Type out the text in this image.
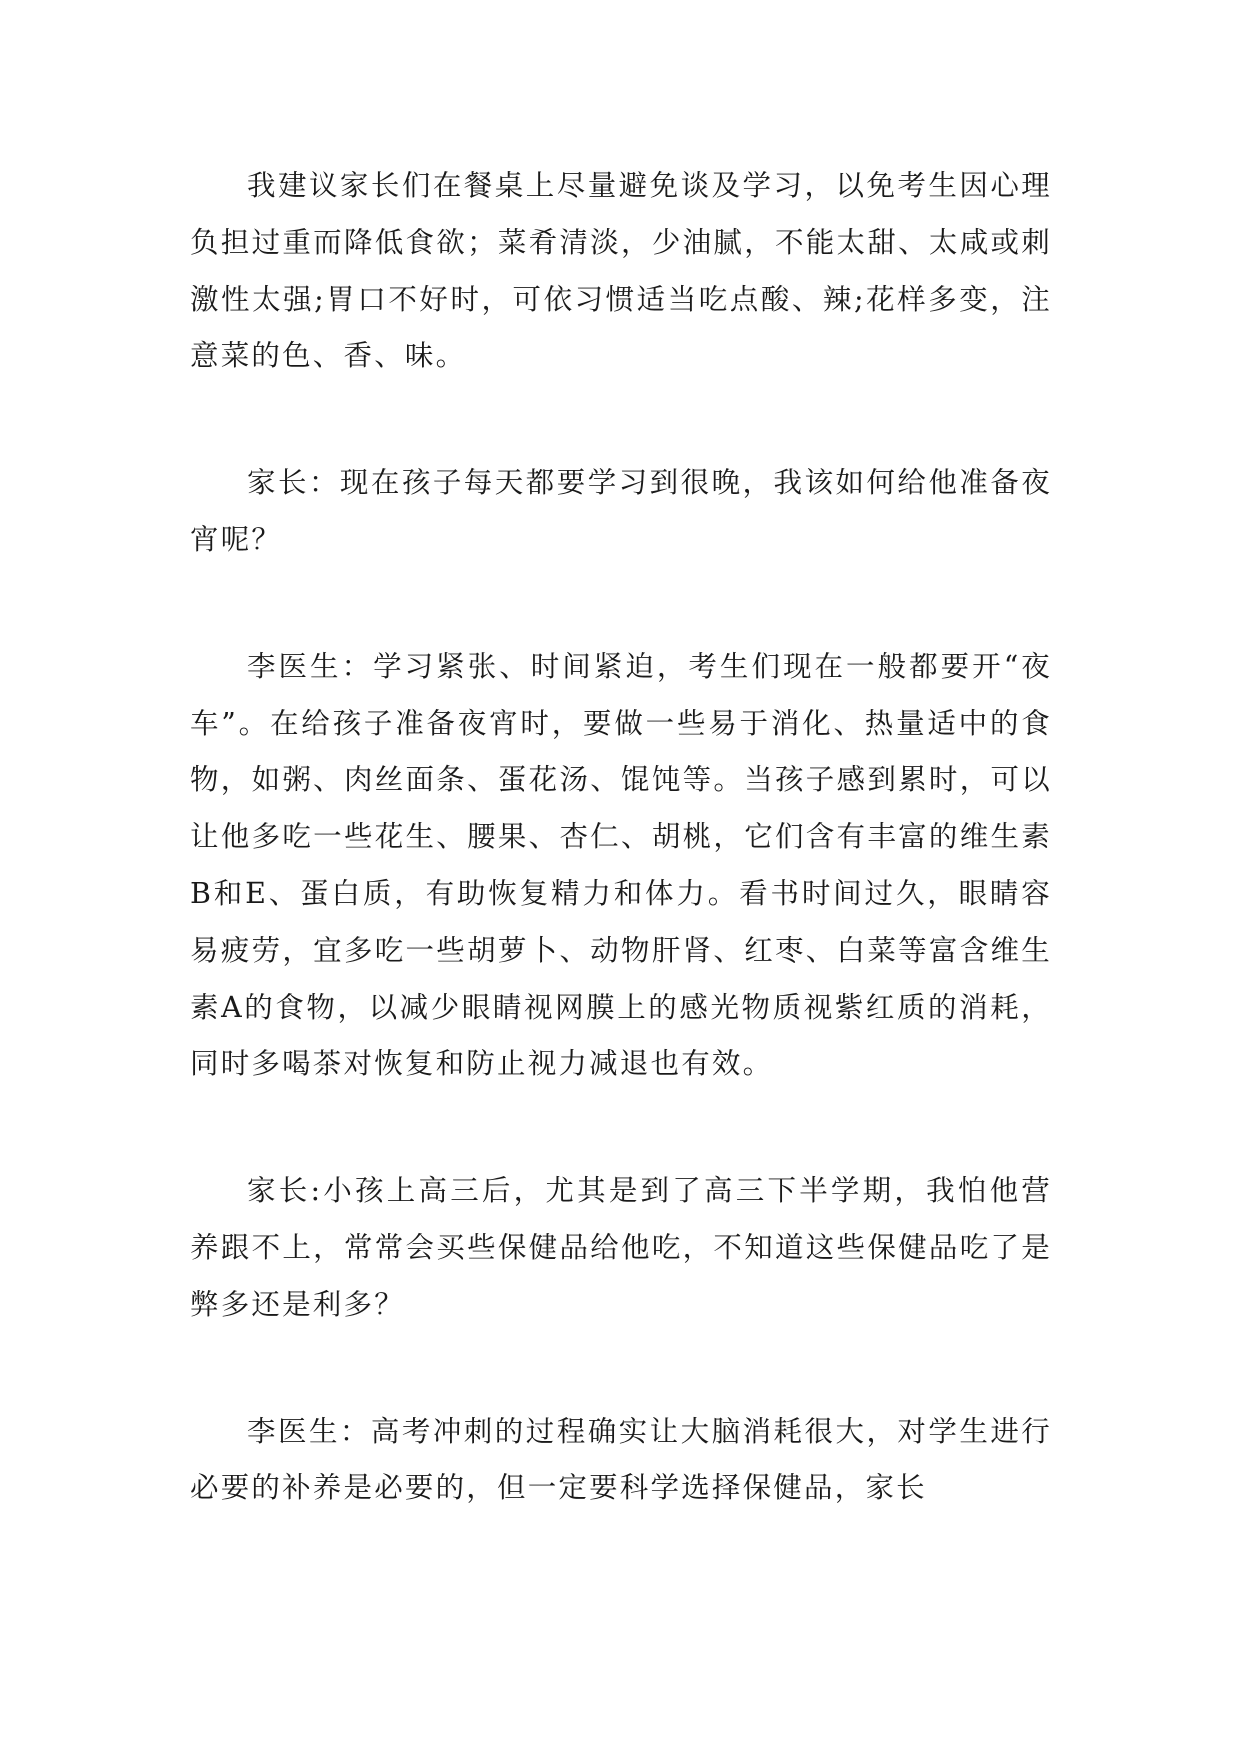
我建议家长们在餐桌上尽量避免谈及学习，以免考生因心理负担过重而降低食欲；菜肴清淡，少油腻，不能太甜、太咸或刺激性太强;胃口不好时，可依习惯适当吃点酸、辣;花样多变，注意菜的色、香、味。

家长：现在孩子每天都要学习到很晚，我该如何给他准备夜宵呢？

李医生：学习紧张、时间紧迫，考生们现在一般都要开“夜车”。在给孩子准备夜宵时，要做一些易于消化、热量适中的食物，如粥、肉丝面条、蛋花汤、馄饨等。当孩子感到累时，可以让他多吃一些花生、腰果、杏仁、胡桃，它们含有丰富的维生素B和E、蛋白质，有助恢复精力和体力。看书时间过久，眼睛容易疲劳，宜多吃一些胡萝卜、动物肝肾、红枣、白菜等富含维生素A的食物，以减少眼睛视网膜上的感光物质视紫红质的消耗，同时多喝茶对恢复和防止视力减退也有效。

家长:小孩上高三后，尤其是到了高三下半学期，我怕他营养跟不上，常常会买些保健品给他吃，不知道这些保健品吃了是弊多还是利多？

李医生：高考冲刺的过程确实让大脑消耗很大，对学生进行必要的补养是必要的，但一定要科学选择保健品，家长
